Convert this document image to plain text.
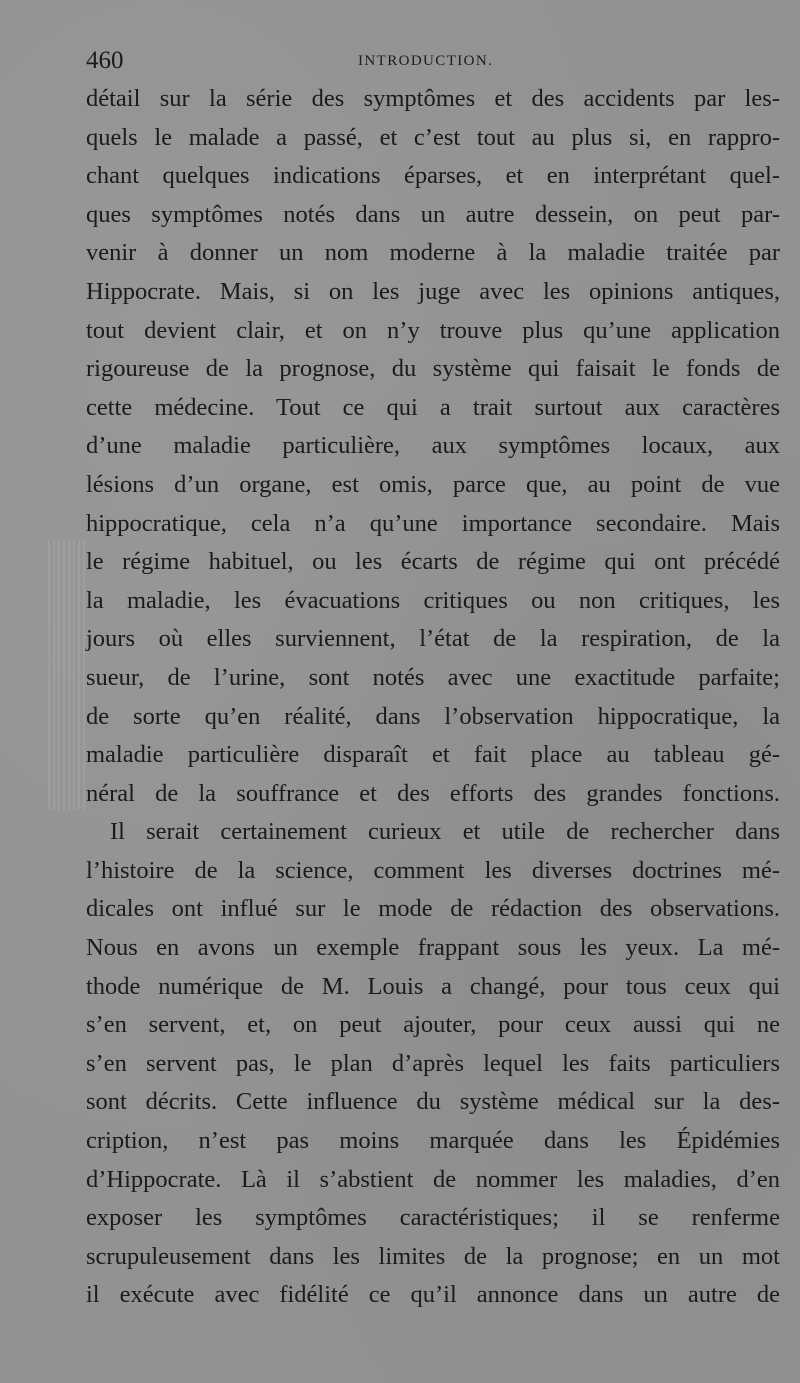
460	INTRODUCTION.
détail sur la série des symptômes et des accidents par les-
quels le malade a passé, et c’est tout au plus si, en rappro-
chant quelques indications éparses, et en interprétant quel-
ques symptômes notés dans un autre dessein, on peut par-
venir à donner un nom moderne à la maladie traitée par
Hippocrate. Mais, si on les juge avec les opinions antiques,
tout devient clair, et on n’y trouve plus qu’une application
rigoureuse de la prognose, du système qui faisait le fonds de
cette médecine. Tout ce qui a trait surtout aux caractères
d’une maladie particulière, aux symptômes locaux, aux
lésions d’un organe, est omis, parce que, au point de vue
hippocratique, cela n’a qu’une importance secondaire. Mais
le régime habituel, ou les écarts de régime qui ont précédé
la maladie, les évacuations critiques ou non critiques, les
jours où elles surviennent, l’état de la respiration, de la
sueur, de l’urine, sont notés avec une exactitude parfaite;
de sorte qu’en réalité, dans l’observation hippocratique, la
maladie particulière disparaît et fait place au tableau gé-
néral de la souffrance et des efforts des grandes fonctions.
Il serait certainement curieux et utile de rechercher dans
l’histoire de la science, comment les diverses doctrines mé-
dicales ont influé sur le mode de rédaction des observations.
Nous en avons un exemple frappant sous les yeux. La mé-
thode numérique de M. Louis a changé, pour tous ceux qui
s’en servent, et, on peut ajouter, pour ceux aussi qui ne
s’en servent pas, le plan d’après lequel les faits particuliers
sont décrits. Cette influence du système médical sur la des-
cription, n’est pas moins marquée dans les Épidémies
d’Hippocrate. Là il s’abstient de nommer les maladies, d’en
exposer les symptômes caractéristiques; il se renferme
scrupuleusement dans les limites de la prognose; en un mot
il exécute avec fidélité ce qu’il annonce dans un autre de
